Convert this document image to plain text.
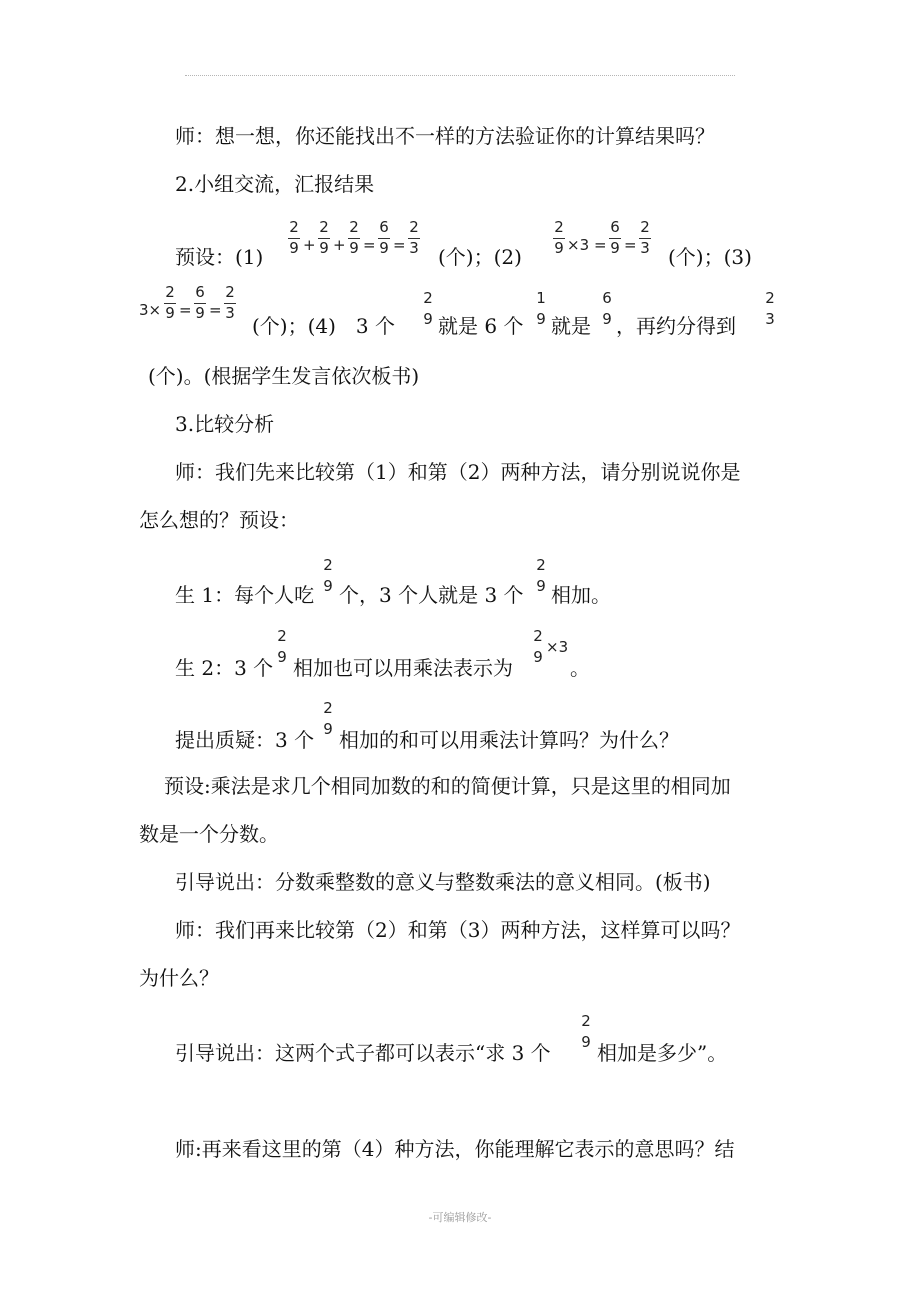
师：想一想，你还能找出不一样的方法验证你的计算结果吗？
2.小组交流，汇报结果
预设：(1)	(个)；(2)	(个)；(3)
2
9 +
2
9 +
2
9 =
6
9 =
2
3
2
9 ×3 =
6
9 =
2
3
3×
2
9 =
6
9 =
2
3
(个)；(4)　3 个 就是 6 个 就是 ，再约分得到
2
9
1
9
6
9
2
3
(个)。(根据学生发言依次板书)
3.比较分析
师：我们先来比较第（1）和第（2）两种方法，请分别说说你是
怎么想的？预设：
生 1：每个人吃 个，3 个人就是 3 个 相加。
2
9
2
9
生 2：3 个 相加也可以用乘法表示为	。
2
9
2
9
×3
提出质疑：3 个 相加的和可以用乘法计算吗？为什么？
2
9
预设:乘法是求几个相同加数的和的简便计算，只是这里的相同加
数是一个分数。
引导说出：分数乘整数的意义与整数乘法的意义相同。(板书)
师：我们再来比较第（2）和第（3）两种方法，这样算可以吗？
为什么？
引导说出：这两个式子都可以表示“求 3 个 相加是多少”。
2
9
师:再来看这里的第（4）种方法，你能理解它表示的意思吗？结
-可编辑修改-
